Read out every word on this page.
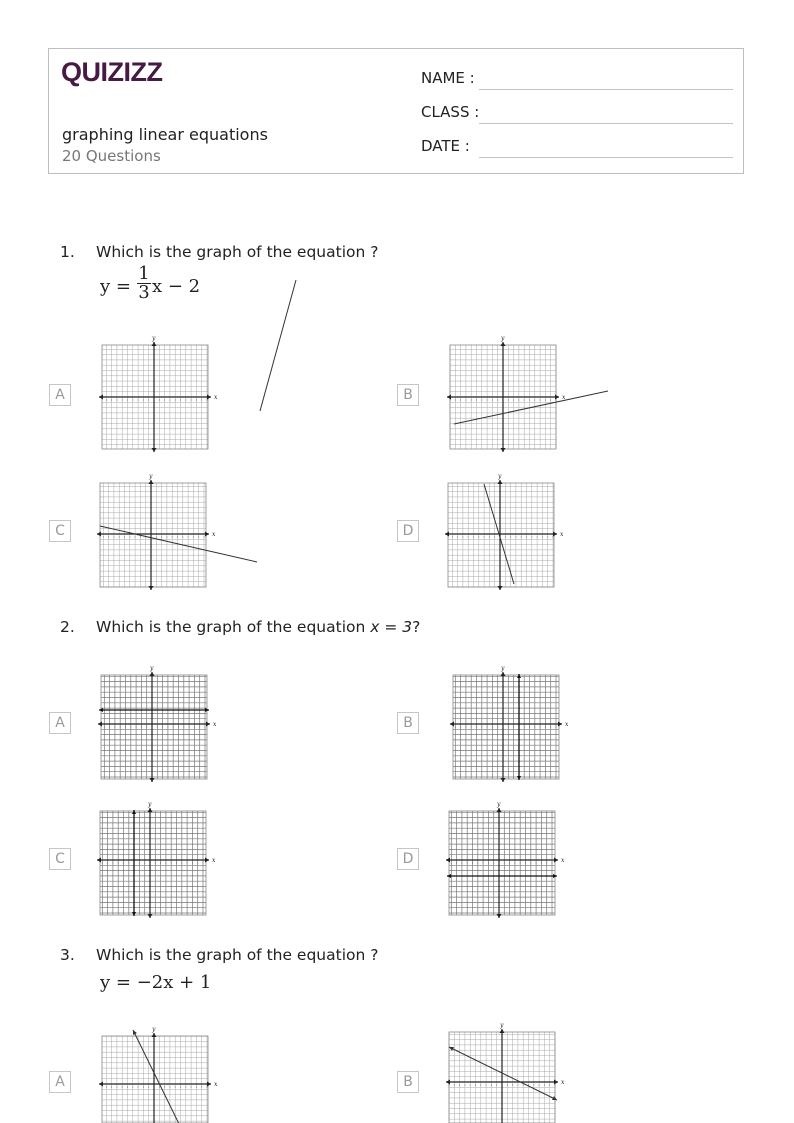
QUIZIZZ
graphing linear equations
20 Questions
NAME :
CLASS :
DATE :
1. Which is the graph of the equation ?
y =
1
3 x − 2
A	B
C	D
x
y
x
y
x
y
x
y
2. Which is the graph of the equation x = 3?
A	B
C	D
x
y
x
y
x
y
x
y
3. Which is the graph of the equation ?
y = −2x + 1
A	B
x
y
x
y
